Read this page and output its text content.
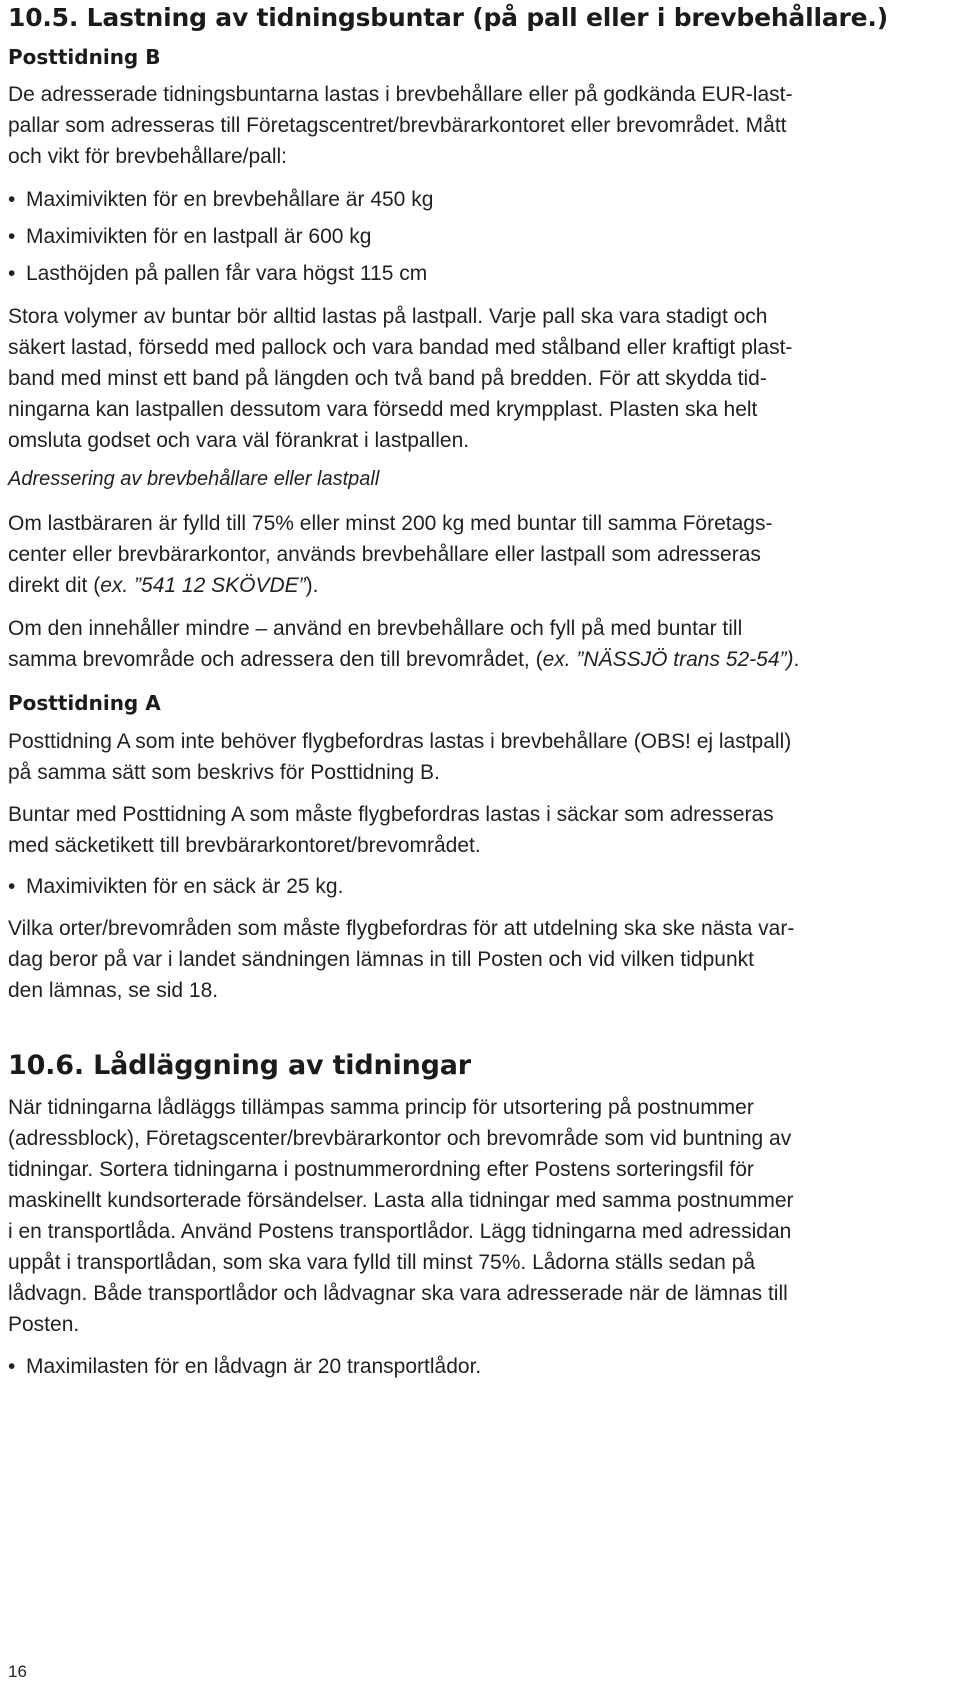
10.5. Lastning av tidningsbuntar (på pall eller i brevbehållare.)
Posttidning B

De adresserade tidningsbuntarna lastas i brevbehållare eller på godkända EUR-last-
pallar som adresseras till Företagscentret/brevbärarkontoret eller brevområdet. Mått
och vikt för brevbehållare/pall:

• Maximivikten för en brevbehållare är 450 kg

• Maximivikten för en lastpall är 600 kg

• Lasthöjden på pallen får vara högst 115 cm

Stora volymer av buntar bör alltid lastas på lastpall. Varje pall ska vara stadigt och
säkert lastad, försedd med pallock och vara bandad med stålband eller kraftigt plast-
band med minst ett band på längden och två band på bredden. För att skydda tid-
ningarna kan lastpallen dessutom vara försedd med krympplast. Plasten ska helt
omsluta godset och vara väl förankrat i lastpallen.

Adressering av brevbehållare eller lastpall

Om lastbäraren är fylld till 75% eller minst 200 kg med buntar till samma Företags-
center eller brevbärarkontor, används brevbehållare eller lastpall som adresseras
direkt dit (ex. ”541 12 SKÖVDE”).

Om den innehåller mindre – använd en brevbehållare och fyll på med buntar till
samma brevområde och adressera den till brevområdet, (ex. ”NÄSSJÖ trans 52-54”).

Posttidning A

Posttidning A som inte behöver flygbefordras lastas i brevbehållare (OBS! ej lastpall)
på samma sätt som beskrivs för Posttidning B.

Buntar med Posttidning A som måste flygbefordras lastas i säckar som adresseras
med säcketikett till brevbärarkontoret/brevområdet.

• Maximivikten för en säck är 25 kg.

Vilka orter/brevområden som måste flygbefordras för att utdelning ska ske nästa var-
dag beror på var i landet sändningen lämnas in till Posten och vid vilken tidpunkt
den lämnas, se sid 18.

10.6. Lådläggning av tidningar

När tidningarna lådläggs tillämpas samma princip för utsortering på postnummer
(adressblock), Företagscenter/brevbärarkontor och brevområde som vid buntning av
tidningar. Sortera tidningarna i postnummerordning efter Postens sorteringsfil för
maskinellt kundsorterade försändelser. Lasta alla tidningar med samma postnummer
i en transportlåda. Använd Postens transportlådor. Lägg tidningarna med adressidan
uppåt i transportlådan, som ska vara fylld till minst 75%. Lådorna ställs sedan på
lådvagn. Både transportlådor och lådvagnar ska vara adresserade när de lämnas till
Posten.

• Maximilasten för en lådvagn är 20 transportlådor.

16
